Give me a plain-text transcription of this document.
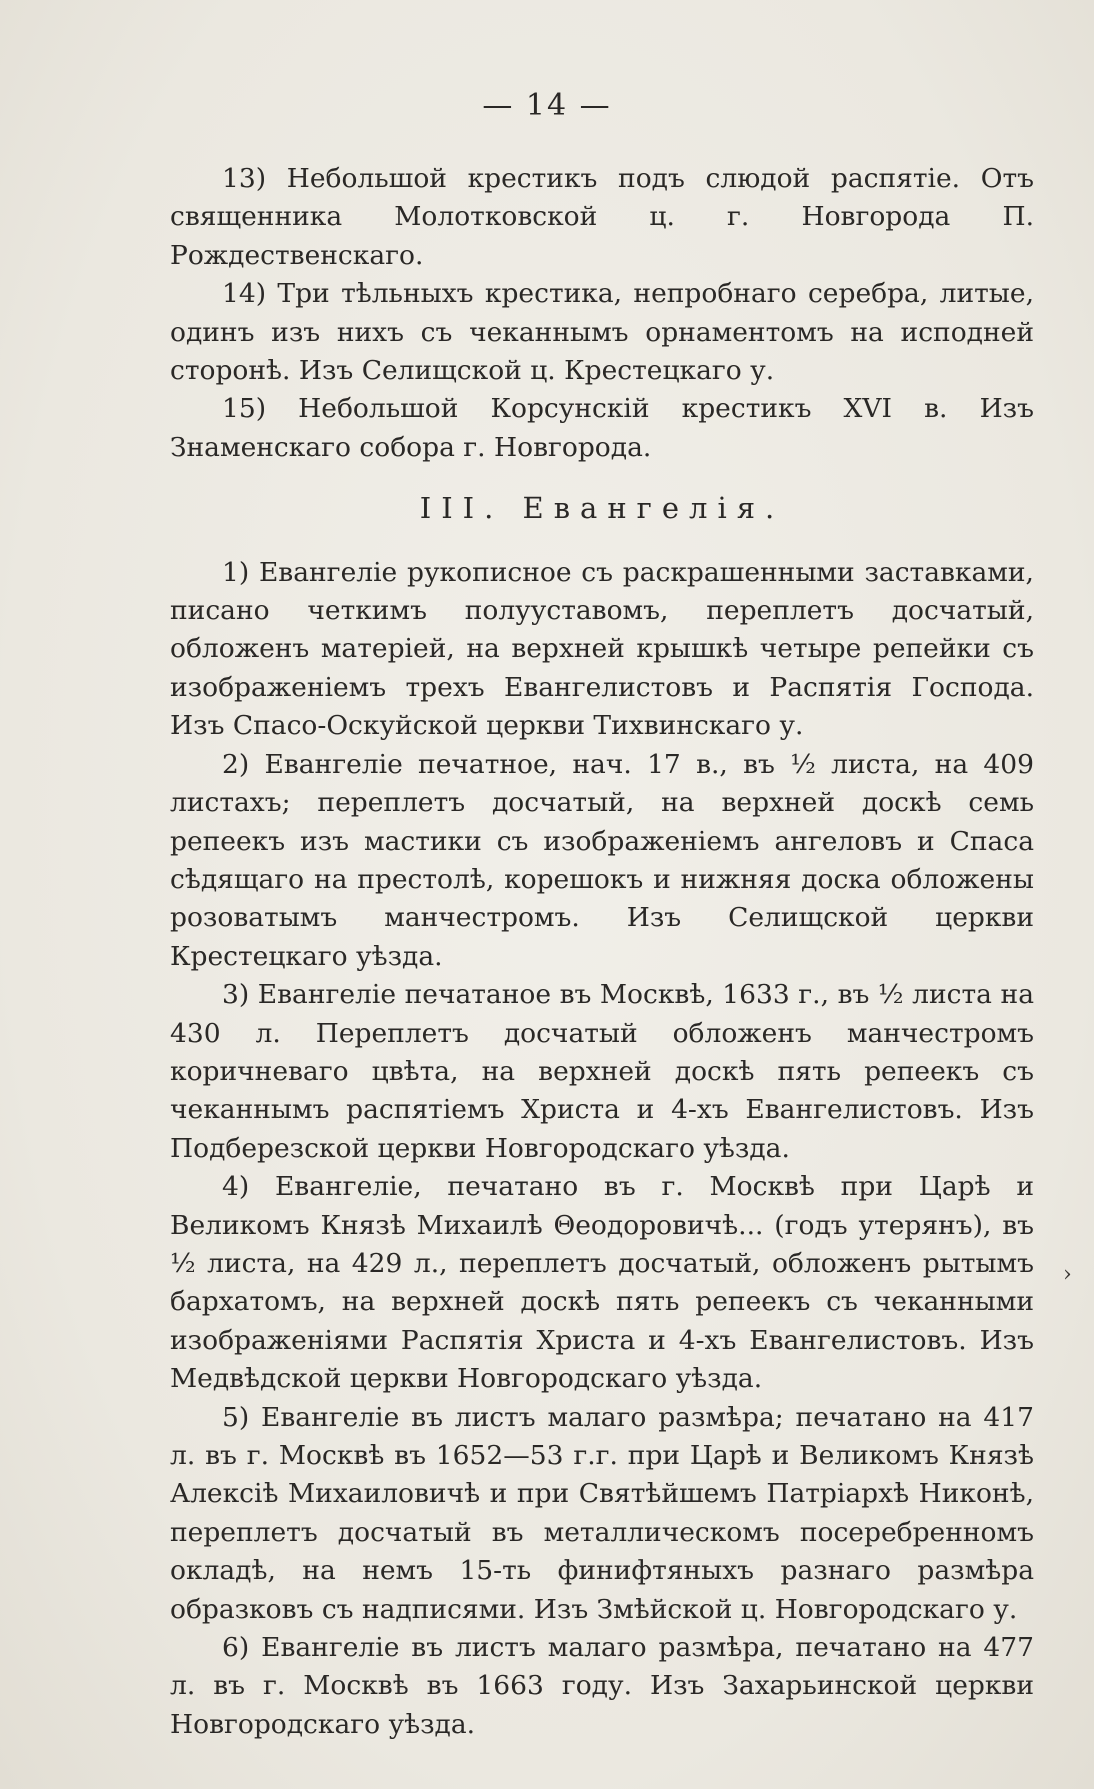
— 14 —

13) Небольшой крестикъ подъ слюдой распятіе. Отъ священника Молотковской ц. г. Новгорода П. Рождественскаго.

14) Три тѣльныхъ крестика, непробнаго серебра, литые, одинъ изъ нихъ съ чеканнымъ орнаментомъ на исподней сторонѣ. Изъ Селищской ц. Крестецкаго у.

15) Небольшой Корсунскій крестикъ XVI в. Изъ Знаменскаго собора г. Новгорода.

III. Евангелія.

1) Евангеліе рукописное съ раскрашенными заставками, писано четкимъ полууставомъ, переплетъ досчатый, обложенъ матеріей, на верхней крышкѣ четыре репейки съ изображеніемъ трехъ Евангелистовъ и Распятія Господа. Изъ Спасо-Оскуйской церкви Тихвинскаго у.

2) Евангеліе печатное, нач. 17 в., въ ½ листа, на 409 листахъ; переплетъ досчатый, на верхней доскѣ семь репеекъ изъ мастики съ изображеніемъ ангеловъ и Спаса сѣдящаго на престолѣ, корешокъ и нижняя доска обложены розоватымъ манчестромъ. Изъ Селищской церкви Крестецкаго уѣзда.

3) Евангеліе печатаное въ Москвѣ, 1633 г., въ ½ листа на 430 л. Переплетъ досчатый обложенъ манчестромъ коричневаго цвѣта, на верхней доскѣ пять репеекъ съ чеканнымъ распятіемъ Христа и 4-хъ Евангелистовъ. Изъ Подберезской церкви Новгородскаго уѣзда.

4) Евангеліе, печатано въ г. Москвѣ при Царѣ и Великомъ Князѣ Михаилѣ Θеодоровичѣ... (годъ утерянъ), въ ½ листа, на 429 л., переплетъ досчатый, обложенъ рытымъ бархатомъ, на верхней доскѣ пять репеекъ съ чеканными изображеніями Распятія Христа и 4-хъ Евангелистовъ. Изъ Медвѣдской церкви Новгородскаго уѣзда.

5) Евангеліе въ листъ малаго размѣра; печатано на 417 л. въ г. Москвѣ въ 1652—53 г.г. при Царѣ и Великомъ Князѣ Алексіѣ Михаиловичѣ и при Святѣйшемъ Патріархѣ Никонѣ, переплетъ досчатый въ металлическомъ посеребренномъ окладѣ, на немъ 15-ть финифтяныхъ разнаго размѣра образковъ съ надписями. Изъ Змѣйской ц. Новгородскаго у.

6) Евангеліе въ листъ малаго размѣра, печатано на 477 л. въ г. Москвѣ въ 1663 году. Изъ Захарьинской церкви Новгородскаго уѣзда.

›
